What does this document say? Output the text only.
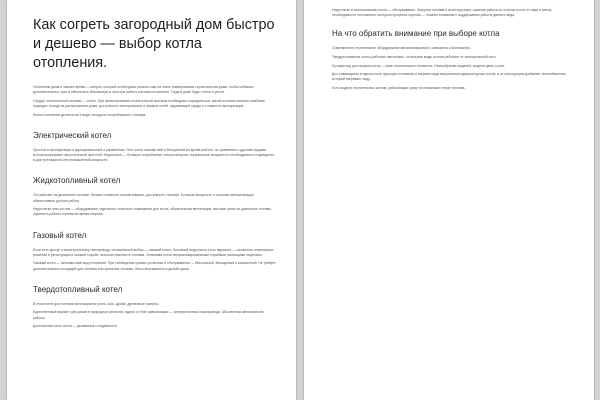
Как согреть загородный дом быстро и дешево — выбор котла отопления.

Отопление дома в зимнее время — вопрос, который необходимо решить еще на этапе планирования строительства дома, чтобы избежать дополнительных трат и обеспечить безопасную и простую работу системы отопления. Тогда в доме будет тепло и уютно.

Сердце отопительной системы — котел. При проектировании отопительной системы необходимо определиться, какой источник энергии наиболее подходит, исходя из расположения дома, доступности электрических и газовых сетей, окружающей среды и стоимости эксплуатации.

Котлы отопления делятся на 4 вида, исходя из потребляемого топлива.

Электрический котел

Простой в эксплуатации и функциональный в управлении. Этот котел компактный и бесшумный во время работы, по сравнению с другими видами котлов выигрывает экологической чистотой. Недостатки — большое потребление электроэнергии, ограничение мощности и необходимость подведения в дом трехфазной сети повышенной мощности.

Жидкотопливный котел

Он работает на дизельном топливе. Низкая стоимость использования, доступность топлива. Большая мощность и хорошая автоматизация обеспечивают долгую работу.

Недостатки этих котлов — оборудование отдельного топочного помещения для котла, обязательная вентиляция, высокие цены на дизельное топливо, шумность работы горелки во время нагрева.

Газовый котел

Если есть доступ к магистральному газопроводу, оптимальный выбор — газовый котел. Основной недостаток этого варианта — сложность инженерных решений и регистрация в газовой службе, высокая опасность топлива. Установка котла специализированными службами, имеющими лицензию.

Газовый котел — экономичный вид отопления. При соблюдении правил установки и обслуживания — безопасный, бесшумный и компактный. Не требует дополнительных площадей для топлива или хранения топлива. Легко вписывается в дизайн дома.

Твердотопливный котел

В этом котле для топлива используются уголь, кокс, дрова, древесные гранулы.

Единственный вариант для домов в природных регионах, вдали от благ цивилизации — электричества и газопровода. Абсолютная автономность работы.

Достоинства этого котла — дешевизна и надежность.

Недостатки в использовании котла — обслуживание. Загрузка топлива в котел вручную, суженая работа по очистке котла от сажи и пепла, необходимость постоянного контроля процесса горения — лишнее внимание к поддержанию работы данного вида.

На что обратить внимание при выборе котла

Современное отопительное оборудование автоматизировано, компактно и экономично.

Твердотопливные котлы работают автономно, остальные виды котлов работают от электрической сети.

Лучшим кпд для покупки котла — кпмк отопительного элемента. Разнообразие моделей, модели цены и рост.

Для совмещения в одном котле функции отопления и нагрева воды выпускаются двухконтурные котлы, в их конструкцию добавлен теплообменник, который нагревает воду.

Есть модели отопительных котлов, работающих сразу на нескольких типах топлива.
